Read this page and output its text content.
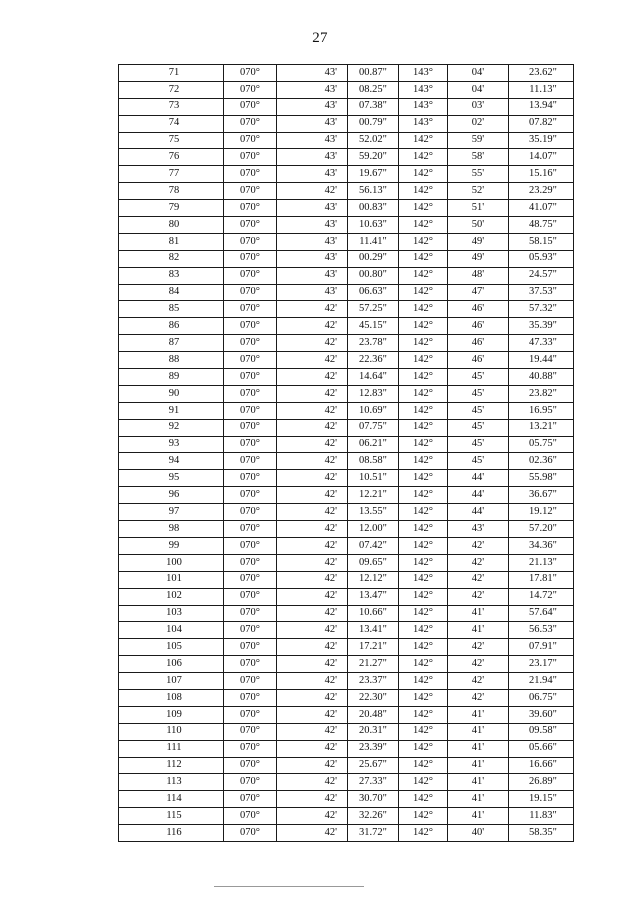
27
71	070°	43'	00.87"	143°	04'	23.62"
72	070°	43'	08.25"	143°	04'	11.13"
73	070°	43'	07.38"	143°	03'	13.94"
74	070°	43'	00.79"	143°	02'	07.82"
75	070°	43'	52.02"	142°	59'	35.19"
76	070°	43'	59.20"	142°	58'	14.07"
77	070°	43'	19.67"	142°	55'	15.16"
78	070°	42'	56.13"	142°	52'	23.29"
79	070°	43'	00.83"	142°	51'	41.07"
80	070°	43'	10.63"	142°	50'	48.75"
81	070°	43'	11.41"	142°	49'	58.15"
82	070°	43'	00.29"	142°	49'	05.93"
83	070°	43'	00.80"	142°	48'	24.57"
84	070°	43'	06.63"	142°	47'	37.53"
85	070°	42'	57.25"	142°	46'	57.32"
86	070°	42'	45.15"	142°	46'	35.39"
87	070°	42'	23.78"	142°	46'	47.33"
88	070°	42'	22.36"	142°	46'	19.44"
89	070°	42'	14.64"	142°	45'	40.88"
90	070°	42'	12.83"	142°	45'	23.82"
91	070°	42'	10.69"	142°	45'	16.95"
92	070°	42'	07.75"	142°	45'	13.21"
93	070°	42'	06.21"	142°	45'	05.75"
94	070°	42'	08.58"	142°	45'	02.36"
95	070°	42'	10.51"	142°	44'	55.98"
96	070°	42'	12.21"	142°	44'	36.67"
97	070°	42'	13.55"	142°	44'	19.12"
98	070°	42'	12.00"	142°	43'	57.20"
99	070°	42'	07.42"	142°	42'	34.36"
100	070°	42'	09.65"	142°	42'	21.13"
101	070°	42'	12.12"	142°	42'	17.81"
102	070°	42'	13.47"	142°	42'	14.72"
103	070°	42'	10.66"	142°	41'	57.64"
104	070°	42'	13.41"	142°	41'	56.53"
105	070°	42'	17.21"	142°	42'	07.91"
106	070°	42'	21.27"	142°	42'	23.17"
107	070°	42'	23.37"	142°	42'	21.94"
108	070°	42'	22.30"	142°	42'	06.75"
109	070°	42'	20.48"	142°	41'	39.60"
110	070°	42'	20.31"	142°	41'	09.58"
111	070°	42'	23.39"	142°	41'	05.66"
112	070°	42'	25.67"	142°	41'	16.66"
113	070°	42'	27.33"	142°	41'	26.89"
114	070°	42'	30.70"	142°	41'	19.15"
115	070°	42'	32.26"	142°	41'	11.83"
116	070°	42'	31.72"	142°	40'	58.35"
